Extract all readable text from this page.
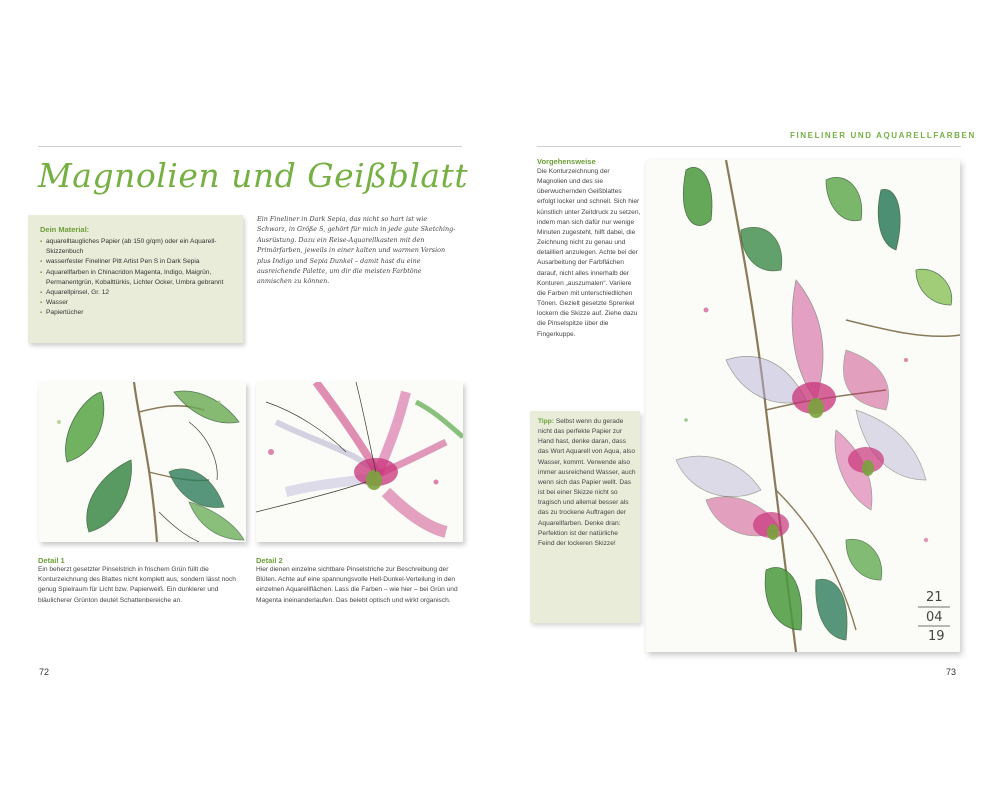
FINELINER UND AQUARELLFARBEN
Magnolien und Geißblatt
Dein Material:
▪ aquarelltaugliches Papier (ab 150 g/qm) oder ein Aquarell-Skizzenbuch
▪ wasserfester Fineliner Pitt Artist Pen S in Dark Sepia
▪ Aquarellfarben in Chinacridon Magenta, Indigo, Maigrün, Permanentgrün, Kobalttürkis, Lichter Ocker, Umbra gebrannt
▪ Aquarellpinsel, Gr. 12
▪ Wasser
▪ Papiertücher
Ein Fineliner in Dark Sepia, das nicht so hart ist wie Schwarz, in Größe S, gehört für mich in jede gute Sketching-Ausrüstung. Dazu ein Reise-Aquarellkasten mit den Primärfarben, jeweils in einer kalten und warmen Version plus Indigo und Sepia Dunkel – damit hast du eine ausreichende Palette, um dir die meisten Farbtöne anmischen zu können.
Detail 1

Ein beherzt gesetzter Pinselstrich in frischem Grün füllt die Konturzeichnung des Blattes nicht komplett aus, sondern lässt noch genug Spielraum für Licht bzw. Papierweiß. Ein dunklerer und bläulicherer Grünton deutet Schattenbereiche an.

Detail 2

Hier dienen einzelne sichtbare Pinselstriche zur Beschreibung der Blüten. Achte auf eine spannungsvolle Hell-Dunkel-Verteilung in den einzelnen Aquarellflächen. Lass die Farben – wie hier – bei Grün und Magenta ineinanderlaufen. Das belebt optisch und wirkt organisch.

72
Vorgehensweise

Die Konturzeichnung der Magnolien und des sie überwuchernden Geißblattes erfolgt locker und schnell. Sich hier künstlich unter Zeitdruck zu setzen, indem man sich dafür nur wenige Minuten zugesteht, hilft dabei, die Zeichnung nicht zu genau und detailliert anzulegen. Achte bei der Ausarbeitung der Farbflächen darauf, nicht alles innerhalb der Konturen „auszumalen“. Variiere die Farben mit unterschiedlichen Tönen. Gezielt gesetzte Sprenkel lockern die Skizze auf. Ziehe dazu die Pinselspitze über die Fingerkuppe.

Tipp: Selbst wenn du gerade nicht das perfekte Papier zur Hand hast, denke daran, dass das Wort Aquarell von Aqua, also Wasser, kommt. Verwende also immer ausreichend Wasser, auch wenn sich das Papier wellt. Das ist bei einer Skizze nicht so tragisch und allemal besser als das zu trockene Auftragen der Aquarellfarben. Denke dran: Perfektion ist der natürliche Feind der lockeren Skizze!

21
04
19
73
